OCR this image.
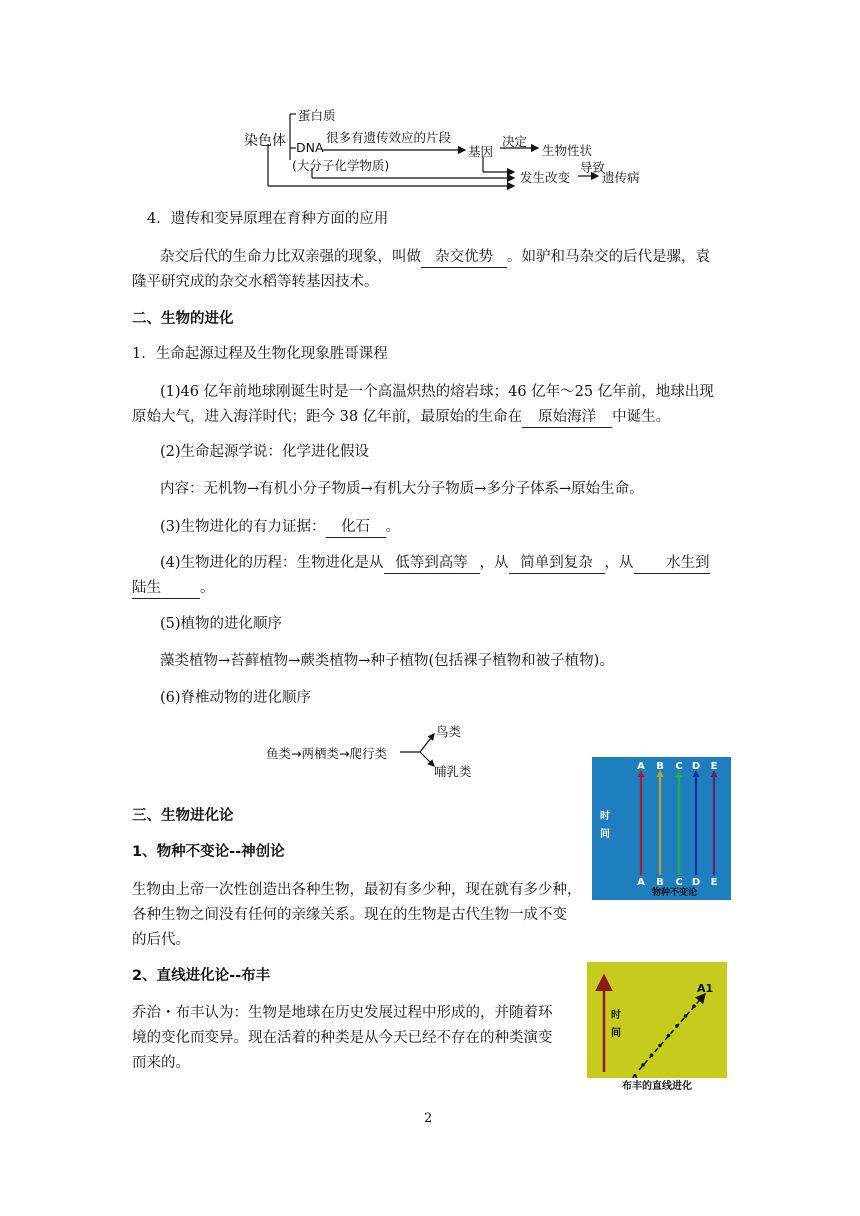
染色体
蛋白质
DNA
很多有遗传效应的片段
(大分子化学物质)
基因
决定
生物性状
发生改变
导致
遗传病
4．遗传和变异原理在育种方面的应用
杂交后代的生命力比双亲强的现象，叫做 杂交优势 。如驴和马杂交的后代是骡，袁
隆平研究成的杂交水稻等转基因技术。
二、生物的进化
1．生命起源过程及生物化现象胜哥课程
(1)46 亿年前地球刚诞生时是一个高温炽热的熔岩球；46 亿年～25 亿年前，地球出现
原始大气，进入海洋时代；距今 38 亿年前，最原始的生命在 原始海洋 中诞生。
(2)生命起源学说：化学进化假设
内容：无机物→有机小分子物质→有机大分子物质→多分子体系→原始生命。
(3)生物进化的有力证据： 化石 。
(4)生物进化的历程：生物进化是从 低等到高等 ，从 简单到复杂 ，从 水生到
陆生	。
(5)植物的进化顺序
藻类植物→苔藓植物→蕨类植物→种子植物(包括裸子植物和被子植物)。
(6)脊椎动物的进化顺序
鱼类→两栖类→爬行类
鸟类
哺乳类
三、生物进化论
1、物种不变论--神创论
生物由上帝一次性创造出各种生物，最初有多少种，现在就有多少种，
各种生物之间没有任何的亲缘关系。现在的生物是古代生物一成不变
的后代。
2、直线进化论--布丰
乔治・布丰认为：生物是地球在历史发展过程中形成的，并随着环
境的变化而变异。现在活着的种类是从今天已经不存在的种类演变
而来的。
时
间
物种不变论
A
A
B
B
C
C
D
D
E
E
时
间
A1
布丰的直线进化
2
